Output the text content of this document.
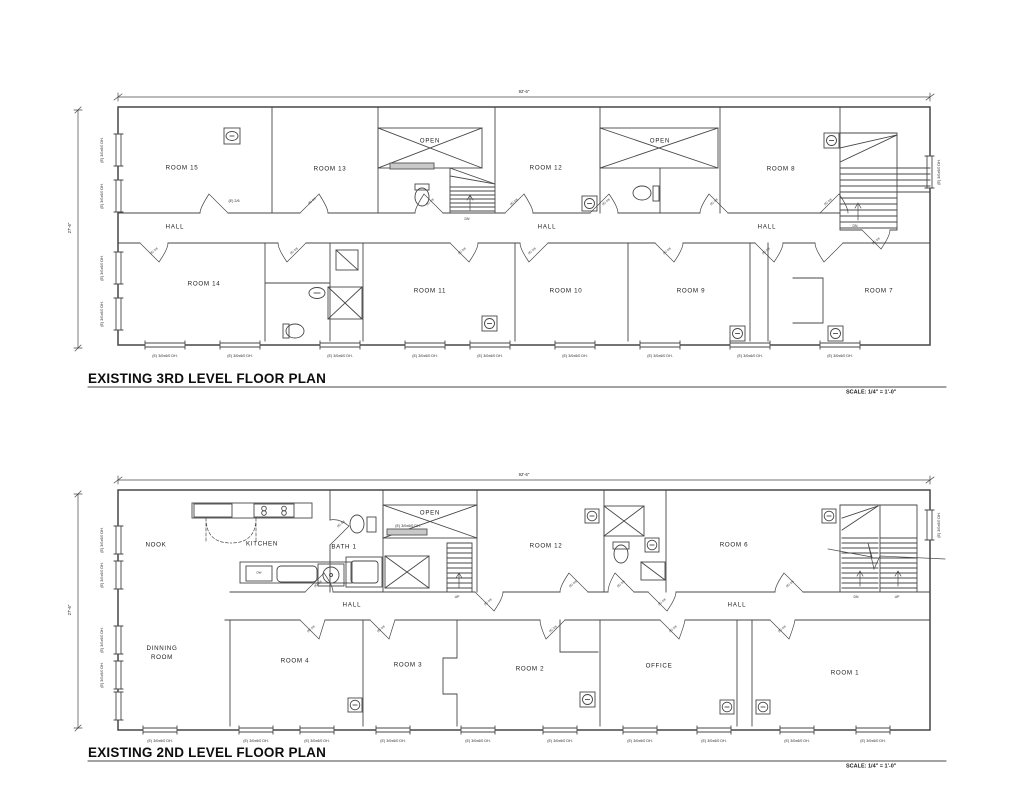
EXISTING 3RD LEVEL FLOOR PLAN
SCALE: 1/4" = 1'-0"
92'-6"
27'-6"
ROOM 15	ROOM 13	ROOM 12	ROOM 8
ROOM 14
ROOM 11	ROOM 10	ROOM 9	ROOM 7
OPEN	OPEN
HALL	HALL	HALL
DN
DN
(E) 3/0x6/0 DH.	(E) 3/0x6/0 DH.	(E) 3/0x6/0 DH.	(E) 3/0x6/0 DH.	(E) 3/0x6/0 DH.	(E) 3/0x6/0 DH.	(E) 3/0x6/0 DH.	(E) 3/0x6/0 DH.	(E) 3/0x6/0 DH.
(E) 3/0x6/0 DH.
(E) 3/0x6/0 DH.
(E) 3/0x6/0 DH.
(E) 3/0x6/0 DH.
(E) 3/0x6/0 DH.
(E) 2/6	(E) 2/6	(E) 2/6	(E) 2/6	(E) 2/6	(E) 2/6	(E) 2/6
(E) 2/6	(E) 2/6	(E) 2/6	(E) 2/6	(E) 2/6	(E) 2/6
(E) 2/6
EXISTING 2ND LEVEL FLOOR PLAN
SCALE: 1/4" = 1'-0"
92'-6"
27'-6"
NOOK	KITCHEN	BATH 1	ROOM 12	ROOM 6
DINNING ROOM
ROOM 4
ROOM 3
ROOM 2	OFFICE
ROOM 1
OPEN
HALL	HALL
UP	DN	UP
DW
(E) 3/0x6/0 DH.
(E) 3/0x6/0 DH.	(E) 3/0x6/0 DH.	(E) 3/0x6/0 DH.	(E) 3/0x6/0 DH.	(E) 3/0x6/0 DH.	(E) 3/0x6/0 DH.	(E) 3/0x6/0 DH.	(E) 3/0x6/0 DH.	(E) 3/0x6/0 DH.	(E) 3/0x6/0 DH.
(E) 3/0x6/0 DH.
(E) 3/0x6/0 DH.
(E) 3/0x6/0 DH.
(E) 3/0x6/0 DH.
(E) 3/0x6/0 DH.
(E) 2/6
(E) 2/6
(E) 2/6
(E) 2/6	(E) 2/6
(E) 2/6
(E) 2/6
(E) 2/6	(E) 2/6	(E) 2/6	(E) 2/6	(E) 2/6
